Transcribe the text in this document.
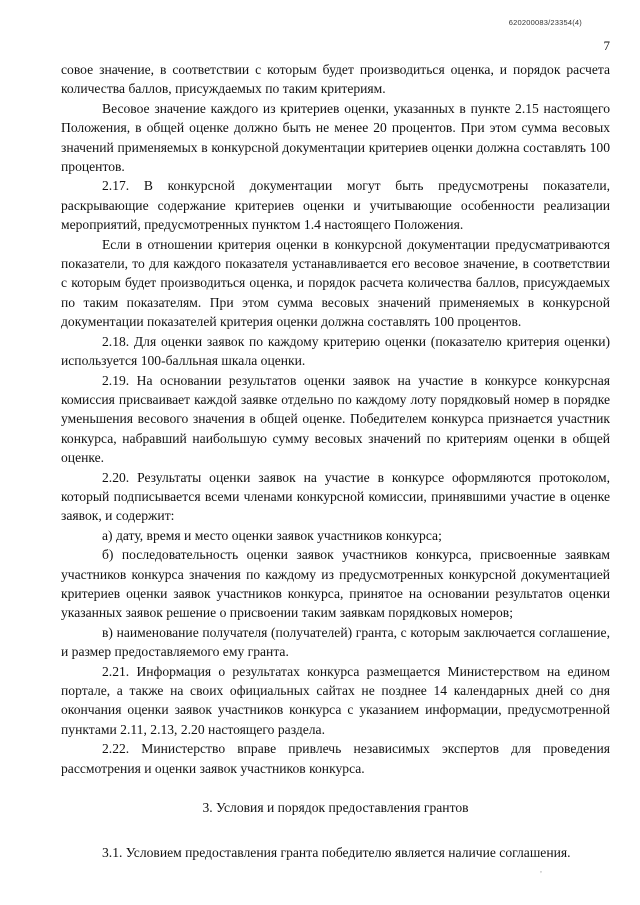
620200083/23354(4)
7

совое значение, в соответствии с которым будет производиться оценка, и порядок расчета количества баллов, присуждаемых по таким критериям.

Весовое значение каждого из критериев оценки, указанных в пункте 2.15 настоящего Положения, в общей оценке должно быть не менее 20 процентов. При этом сумма весовых значений применяемых в конкурсной документации критериев оценки должна составлять 100 процентов.

2.17. В конкурсной документации могут быть предусмотрены показатели, раскрывающие содержание критериев оценки и учитывающие особенности реализации мероприятий, предусмотренных пунктом 1.4 настоящего Положения.

Если в отношении критерия оценки в конкурсной документации предусматриваются показатели, то для каждого показателя устанавливается его весовое значение, в соответствии с которым будет производиться оценка, и порядок расчета количества баллов, присуждаемых по таким показателям. При этом сумма весовых значений применяемых в конкурсной документации показателей критерия оценки должна составлять 100 процентов.

2.18. Для оценки заявок по каждому критерию оценки (показателю критерия оценки) используется 100-балльная шкала оценки.

2.19. На основании результатов оценки заявок на участие в конкурсе конкурсная комиссия присваивает каждой заявке отдельно по каждому лоту порядковый номер в порядке уменьшения весового значения в общей оценке. Победителем конкурса признается участник конкурса, набравший наибольшую сумму весовых значений по критериям оценки в общей оценке.

2.20. Результаты оценки заявок на участие в конкурсе оформляются протоколом, который подписывается всеми членами конкурсной комиссии, принявшими участие в оценке заявок, и содержит:

а) дату, время и место оценки заявок участников конкурса;

б) последовательность оценки заявок участников конкурса, присвоенные заявкам участников конкурса значения по каждому из предусмотренных конкурсной документацией критериев оценки заявок участников конкурса, принятое на основании результатов оценки указанных заявок решение о присвоении таким заявкам порядковых номеров;

в) наименование получателя (получателей) гранта, с которым заключается соглашение, и размер предоставляемого ему гранта.

2.21. Информация о результатах конкурса размещается Министерством на едином портале, а также на своих официальных сайтах не позднее 14 календарных дней со дня окончания оценки заявок участников конкурса с указанием информации, предусмотренной пунктами 2.11, 2.13, 2.20 настоящего раздела.

2.22. Министерство вправе привлечь независимых экспертов для проведения рассмотрения и оценки заявок участников конкурса.

3. Условия и порядок предоставления грантов

3.1. Условием предоставления гранта победителю является наличие соглашения.

,
